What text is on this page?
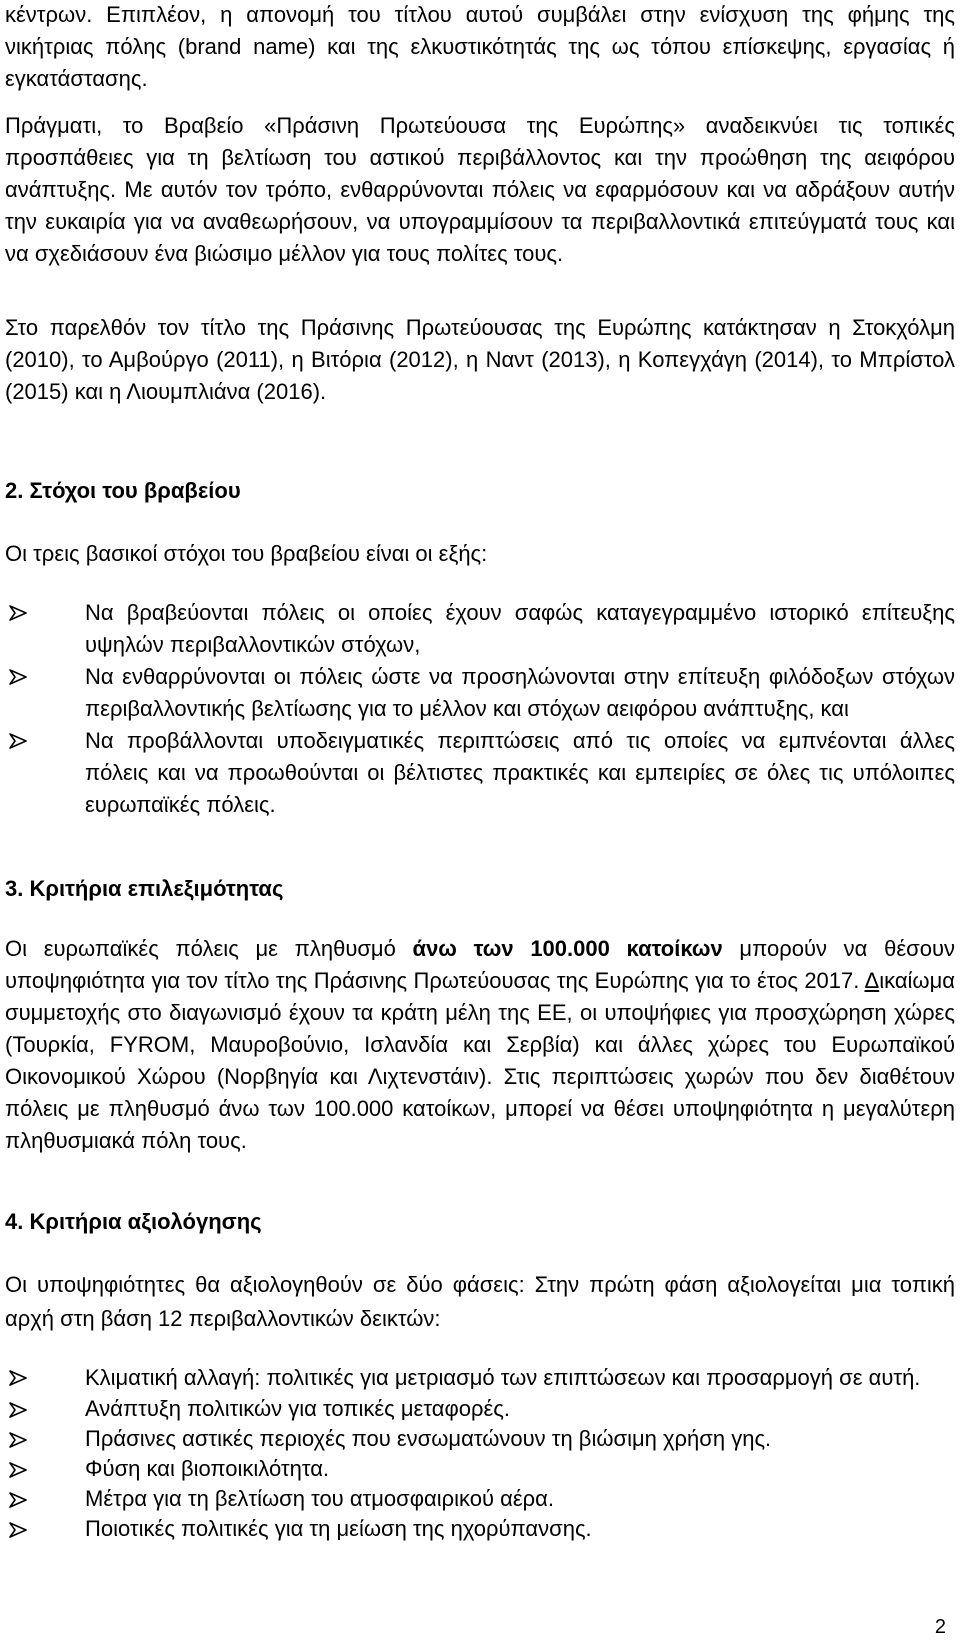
κέντρων. Επιπλέον, η απονομή του τίτλου αυτού συμβάλει στην ενίσχυση της φήμης της νικήτριας πόλης (brand name) και της ελκυστικότητάς της ως τόπου επίσκεψης, εργασίας ή εγκατάστασης.

Πράγματι, το Βραβείο «Πράσινη Πρωτεύουσα της Ευρώπης» αναδεικνύει τις τοπικές προσπάθειες για τη βελτίωση του αστικού περιβάλλοντος και την προώθηση της αειφόρου ανάπτυξης. Με αυτόν τον τρόπο, ενθαρρύνονται πόλεις να εφαρμόσουν και να αδράξουν αυτήν την ευκαιρία για να αναθεωρήσουν, να υπογραμμίσουν τα περιβαλλοντικά επιτεύγματά τους και να σχεδιάσουν ένα βιώσιμο μέλλον για τους πολίτες τους.

Στο παρελθόν τον τίτλο της Πράσινης Πρωτεύουσας της Ευρώπης κατάκτησαν η Στοκχόλμη (2010), το Αμβούργο (2011), η Βιτόρια (2012), η Ναντ (2013), η Κοπεγχάγη (2014), το Μπρίστολ (2015) και η Λιουμπλιάνα (2016).

2. Στόχοι του βραβείου

Οι τρεις βασικοί στόχοι του βραβείου είναι οι εξής:

Να βραβεύονται πόλεις οι οποίες έχουν σαφώς καταγεγραμμένο ιστορικό επίτευξης υψηλών περιβαλλοντικών στόχων,
Να ενθαρρύνονται οι πόλεις ώστε να προσηλώνονται στην επίτευξη φιλόδοξων στόχων περιβαλλοντικής βελτίωσης για το μέλλον και στόχων αειφόρου ανάπτυξης, και
Να προβάλλονται υποδειγματικές περιπτώσεις από τις οποίες να εμπνέονται άλλες πόλεις και να προωθούνται οι βέλτιστες πρακτικές και εμπειρίες σε όλες τις υπόλοιπες ευρωπαϊκές πόλεις.
3. Κριτήρια επιλεξιμότητας

Οι ευρωπαϊκές πόλεις με πληθυσμό άνω των 100.000 κατοίκων μπορούν να θέσουν υποψηφιότητα για τον τίτλο της Πράσινης Πρωτεύουσας της Ευρώπης για το έτος 2017. Δικαίωμα συμμετοχής στο διαγωνισμό έχουν τα κράτη μέλη της ΕΕ, οι υποψήφιες για προσχώρηση χώρες (Τουρκία, FYROM, Μαυροβούνιο, Ισλανδία και Σερβία) και άλλες χώρες του Ευρωπαϊκού Οικονομικού Χώρου (Νορβηγία και Λιχτενστάιν). Στις περιπτώσεις χωρών που δεν διαθέτουν πόλεις με πληθυσμό άνω των 100.000 κατοίκων, μπορεί να θέσει υποψηφιότητα η μεγαλύτερη πληθυσμιακά πόλη τους.

4. Κριτήρια αξιολόγησης

Οι υποψηφιότητες θα αξιολογηθούν σε δύο φάσεις: Στην πρώτη φάση αξιολογείται μια τοπική αρχή στη βάση 12 περιβαλλοντικών δεικτών:

Κλιματική αλλαγή: πολιτικές για μετριασμό των επιπτώσεων και προσαρμογή σε αυτή.
Ανάπτυξη πολιτικών για τοπικές μεταφορές.
Πράσινες αστικές περιοχές που ενσωματώνουν τη βιώσιμη χρήση γης.
Φύση και βιοποικιλότητα.
Μέτρα για τη βελτίωση του ατμοσφαιρικού αέρα.
Ποιοτικές πολιτικές για τη μείωση της ηχορύπανσης.
2
